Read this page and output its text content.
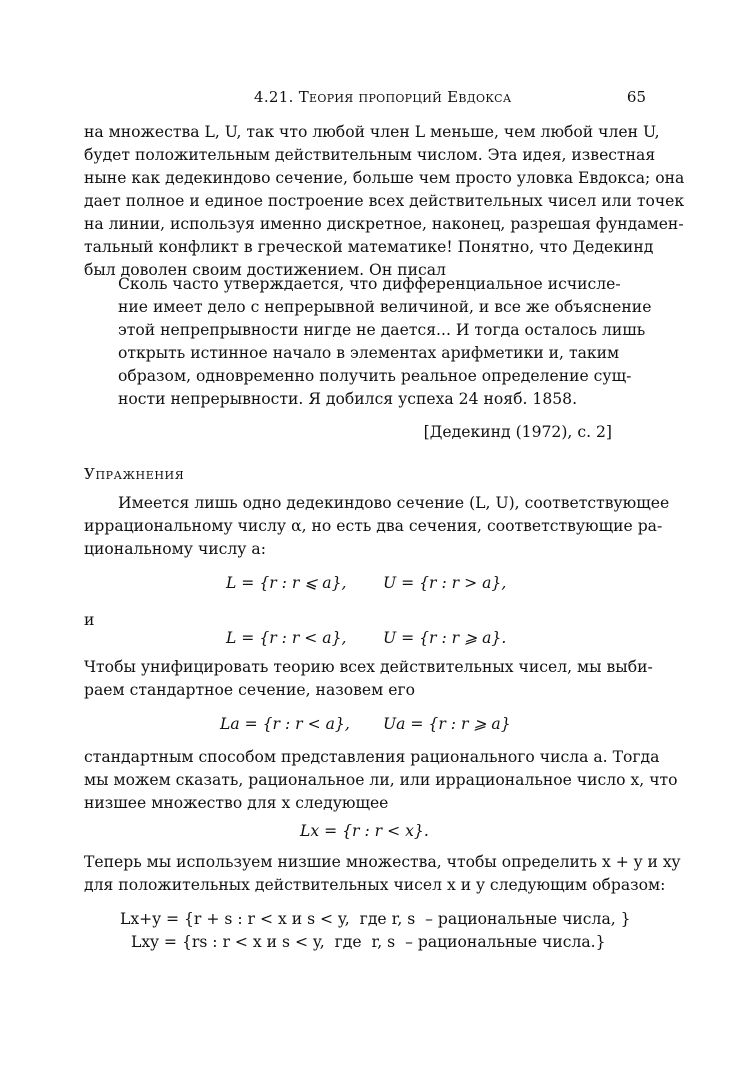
4.21. Теория пропорций Евдокса	65
на множества L, U, так что любой член L меньше, чем любой член U,
будет положительным действительным числом. Эта идея, известная
ныне как дедекиндово сечение, больше чем просто уловка Евдокса; она
дает полное и единое построение всех действительных чисел или точек
на линии, используя именно дискретное, наконец, разрешая фундамен-
тальный конфликт в греческой математике! Понятно, что Дедекинд
был доволен своим достижением. Он писал
Сколь часто утверждается, что дифференциальное исчисле-
ние имеет дело с непрерывной величиной, и все же объяснение
этой непрепрывности нигде не дается... И тогда осталось лишь
открыть истинное начало в элементах арифметики и, таким
образом, одновременно получить реальное определение сущ-
ности непрерывности. Я добился успеха 24 нояб. 1858.
[Дедекинд (1972), с. 2]
Упражнения
Имеется лишь одно дедекиндово сечение (L, U), соответствующее
иррациональному числу α, но есть два сечения, соответствующие ра-
циональному числу a:
L = {r : r ⩽ a}, U = {r : r > a},
и
L = {r : r < a}, U = {r : r ⩾ a}.
Чтобы унифицировать теорию всех действительных чисел, мы выби-
раем стандартное сечение, назовем его
La = {r : r < a}, Ua = {r : r ⩾ a}
стандартным способом представления рационального числа a. Тогда
мы можем сказать, рациональное ли, или иррациональное число x, что
низшее множество для x следующее
Lx = {r : r < x}.
Теперь мы используем низшие множества, чтобы определить x + y и xy
для положительных действительных чисел x и y следующим образом:
Lx+y = {r + s : r < x и s < y,  где r, s  – рациональные числа, }
Lxy = {rs : r < x и s < y,  где  r, s  – рациональные числа.}
